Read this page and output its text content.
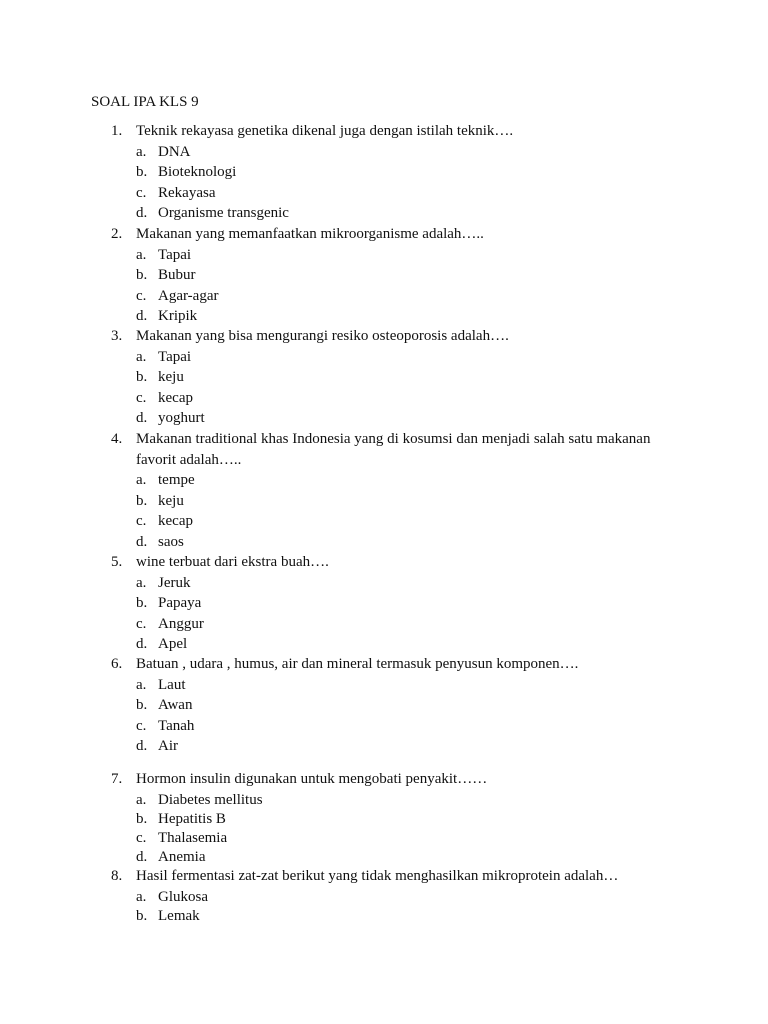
SOAL IPA KLS 9
1. Teknik rekayasa genetika dikenal juga dengan istilah teknik….
a. DNA
b. Bioteknologi
c. Rekayasa
d. Organisme transgenic
2. Makanan yang memanfaatkan mikroorganisme adalah…..
a. Tapai
b. Bubur
c. Agar-agar
d. Kripik
3. Makanan yang bisa mengurangi resiko osteoporosis adalah….
a. Tapai
b. keju
c. kecap
d. yoghurt
4. Makanan traditional khas Indonesia yang di kosumsi dan menjadi salah satu makanan
favorit adalah…..
a. tempe
b. keju
c. kecap
d. saos
5. wine terbuat dari ekstra buah….
a. Jeruk
b. Papaya
c. Anggur
d. Apel
6. Batuan , udara , humus, air dan mineral termasuk penyusun komponen….
a. Laut
b. Awan
c. Tanah
d. Air
7. Hormon insulin digunakan untuk mengobati penyakit……
a. Diabetes mellitus
b. Hepatitis B
c. Thalasemia
d. Anemia
8. Hasil fermentasi zat-zat berikut yang tidak menghasilkan mikroprotein adalah…
a. Glukosa
b. Lemak
